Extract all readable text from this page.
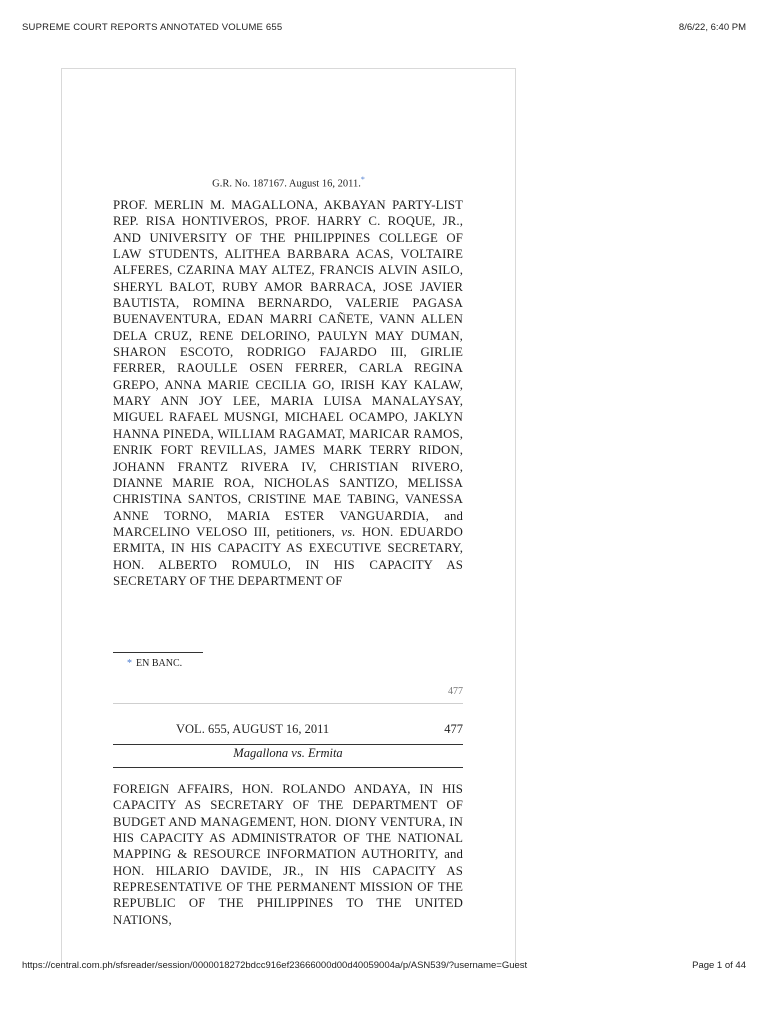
SUPREME COURT REPORTS ANNOTATED VOLUME 655	8/6/22, 6:40 PM
G.R. No. 187167. August 16, 2011.*
PROF. MERLIN M. MAGALLONA, AKBAYAN PARTY-LIST REP. RISA HONTIVEROS, PROF. HARRY C. ROQUE, JR., AND UNIVERSITY OF THE PHILIPPINES COLLEGE OF LAW STUDENTS, ALITHEA BARBARA ACAS, VOLTAIRE ALFERES, CZARINA MAY ALTEZ, FRANCIS ALVIN ASILO, SHERYL BALOT, RUBY AMOR BARRACA, JOSE JAVIER BAUTISTA, ROMINA BERNARDO, VALERIE PAGASA BUENAVENTURA, EDAN MARRI CAÑETE, VANN ALLEN DELA CRUZ, RENE DELORINO, PAULYN MAY DUMAN, SHARON ESCOTO, RODRIGO FAJARDO III, GIRLIE FERRER, RAOULLE OSEN FERRER, CARLA REGINA GREPO, ANNA MARIE CECILIA GO, IRISH KAY KALAW, MARY ANN JOY LEE, MARIA LUISA MANALAYSAY, MIGUEL RAFAEL MUSNGI, MICHAEL OCAMPO, JAKLYN HANNA PINEDA, WILLIAM RAGAMAT, MARICAR RAMOS, ENRIK FORT REVILLAS, JAMES MARK TERRY RIDON, JOHANN FRANTZ RIVERA IV, CHRISTIAN RIVERO, DIANNE MARIE ROA, NICHOLAS SANTIZO, MELISSA CHRISTINA SANTOS, CRISTINE MAE TABING, VANESSA ANNE TORNO, MARIA ESTER VANGUARDIA, and MARCELINO VELOSO III, petitioners, vs. HON. EDUARDO ERMITA, IN HIS CAPACITY AS EXECUTIVE SECRETARY, HON. ALBERTO ROMULO, IN HIS CAPACITY AS SECRETARY OF THE DEPARTMENT OF
* EN BANC.
477
VOL. 655, AUGUST 16, 2011	477
Magallona vs. Ermita
FOREIGN AFFAIRS, HON. ROLANDO ANDAYA, IN HIS CAPACITY AS SECRETARY OF THE DEPARTMENT OF BUDGET AND MANAGEMENT, HON. DIONY VENTURA, IN HIS CAPACITY AS ADMINISTRATOR OF THE NATIONAL MAPPING & RESOURCE INFORMATION AUTHORITY, and HON. HILARIO DAVIDE, JR., IN HIS CAPACITY AS REPRESENTATIVE OF THE PERMANENT MISSION OF THE REPUBLIC OF THE PHILIPPINES TO THE UNITED NATIONS,
https://central.com.ph/sfsreader/session/0000018272bdcc916ef23666000d00d40059004a/p/ASN539/?username=Guest	Page 1 of 44
